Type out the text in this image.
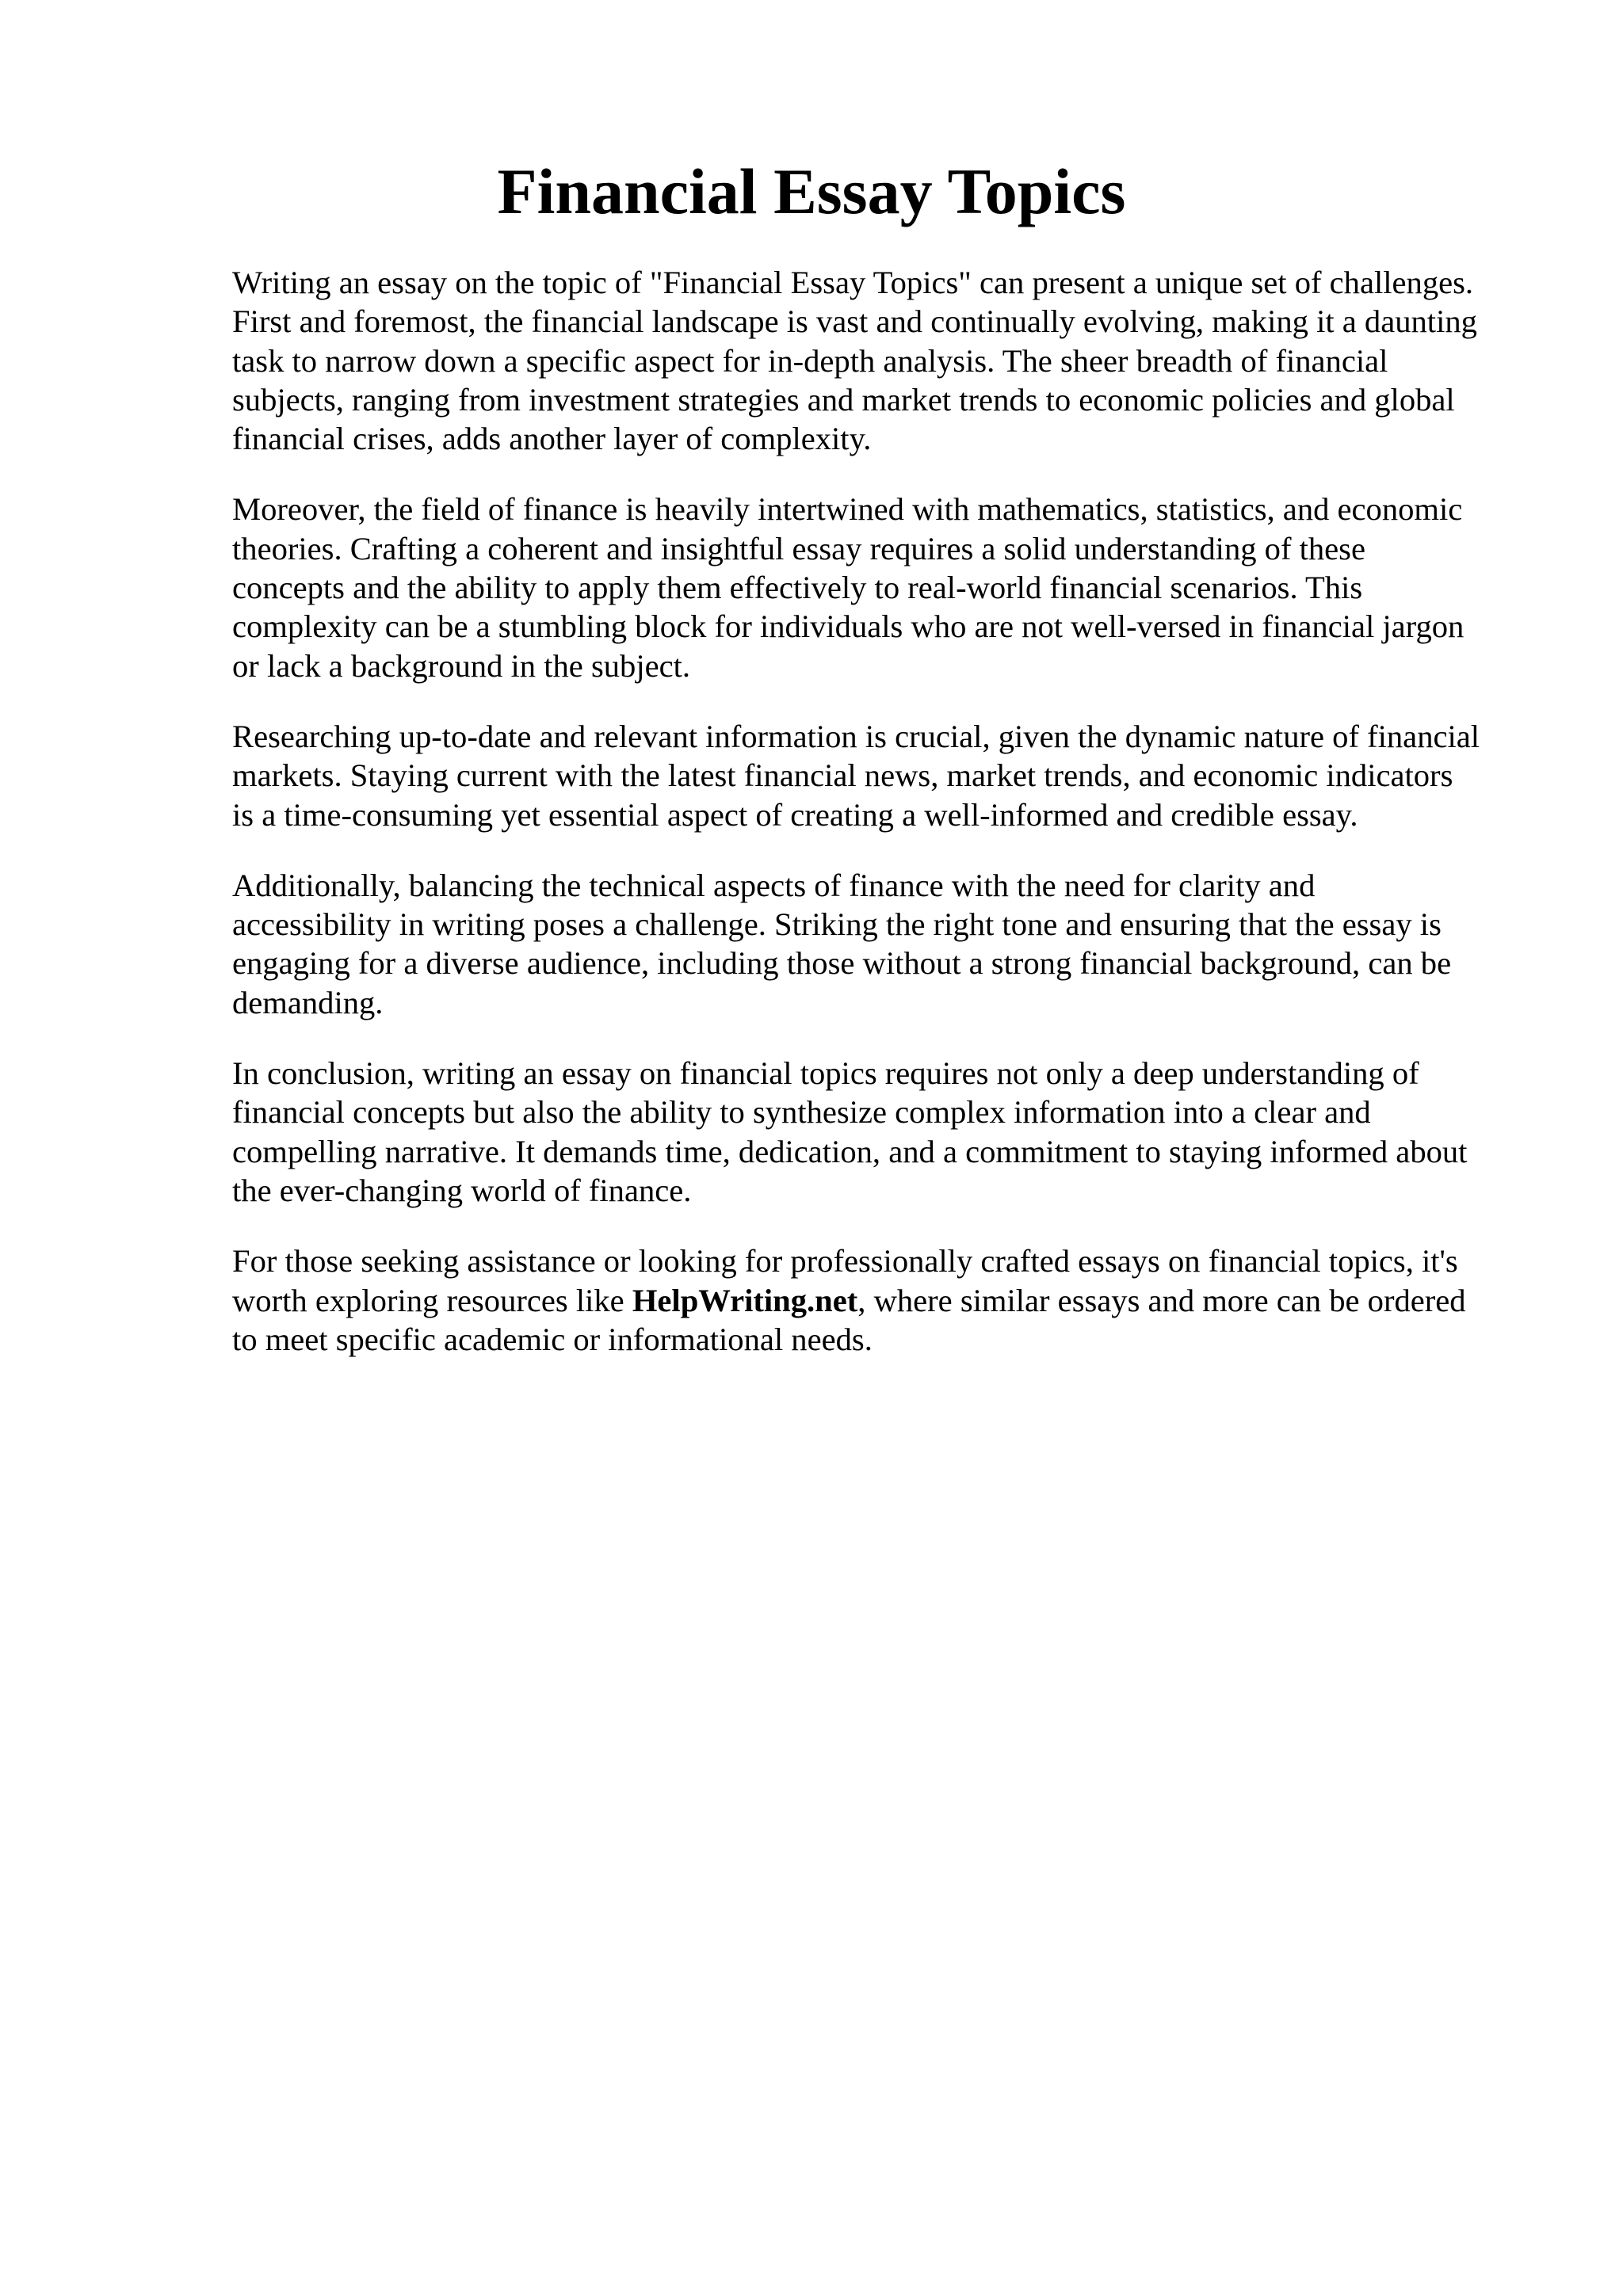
Financial Essay Topics

Writing an essay on the topic of "Financial Essay Topics" can present a unique set of challenges.
First and foremost, the financial landscape is vast and continually evolving, making it a daunting
task to narrow down a specific aspect for in-depth analysis. The sheer breadth of financial
subjects, ranging from investment strategies and market trends to economic policies and global
financial crises, adds another layer of complexity.

Moreover, the field of finance is heavily intertwined with mathematics, statistics, and economic
theories. Crafting a coherent and insightful essay requires a solid understanding of these
concepts and the ability to apply them effectively to real-world financial scenarios. This
complexity can be a stumbling block for individuals who are not well-versed in financial jargon
or lack a background in the subject.

Researching up-to-date and relevant information is crucial, given the dynamic nature of financial
markets. Staying current with the latest financial news, market trends, and economic indicators
is a time-consuming yet essential aspect of creating a well-informed and credible essay.

Additionally, balancing the technical aspects of finance with the need for clarity and
accessibility in writing poses a challenge. Striking the right tone and ensuring that the essay is
engaging for a diverse audience, including those without a strong financial background, can be
demanding.

In conclusion, writing an essay on financial topics requires not only a deep understanding of
financial concepts but also the ability to synthesize complex information into a clear and
compelling narrative. It demands time, dedication, and a commitment to staying informed about
the ever-changing world of finance.

For those seeking assistance or looking for professionally crafted essays on financial topics, it's
worth exploring resources like HelpWriting.net, where similar essays and more can be ordered
to meet specific academic or informational needs.
